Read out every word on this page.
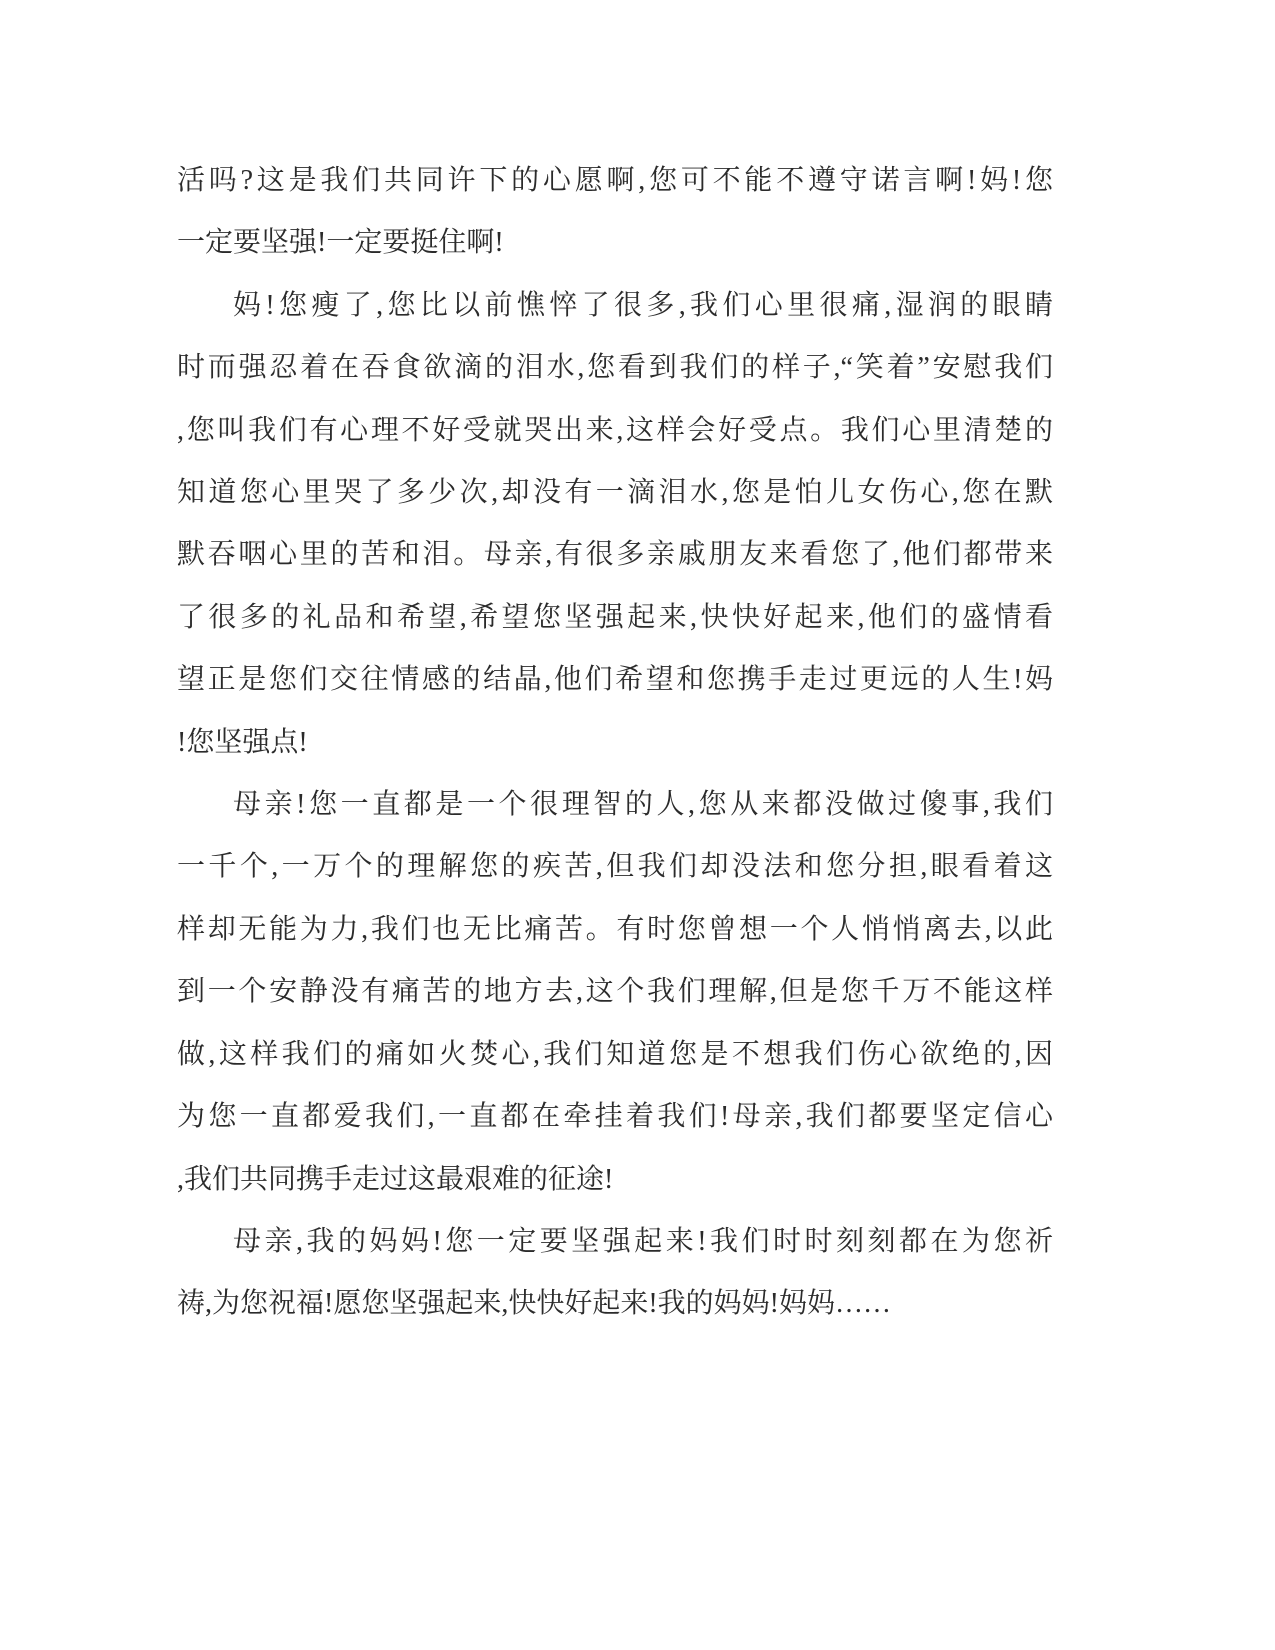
活吗?这是我们共同许下的心愿啊,您可不能不遵守诺言啊!妈!您
一定要坚强!一定要挺住啊!
妈!您瘦了,您比以前憔悴了很多,我们心里很痛,湿润的眼睛
时而强忍着在吞食欲滴的泪水,您看到我们的样子,“笑着”安慰我们
,您叫我们有心理不好受就哭出来,这样会好受点。我们心里清楚的
知道您心里哭了多少次,却没有一滴泪水,您是怕儿女伤心,您在默
默吞咽心里的苦和泪。母亲,有很多亲戚朋友来看您了,他们都带来
了很多的礼品和希望,希望您坚强起来,快快好起来,他们的盛情看
望正是您们交往情感的结晶,他们希望和您携手走过更远的人生!妈
!您坚强点!
母亲!您一直都是一个很理智的人,您从来都没做过傻事,我们
一千个,一万个的理解您的疾苦,但我们却没法和您分担,眼看着这
样却无能为力,我们也无比痛苦。有时您曾想一个人悄悄离去,以此
到一个安静没有痛苦的地方去,这个我们理解,但是您千万不能这样
做,这样我们的痛如火焚心,我们知道您是不想我们伤心欲绝的,因
为您一直都爱我们,一直都在牵挂着我们!母亲,我们都要坚定信心
,我们共同携手走过这最艰难的征途!
母亲,我的妈妈!您一定要坚强起来!我们时时刻刻都在为您祈
祷,为您祝福!愿您坚强起来,快快好起来!我的妈妈!妈妈……
